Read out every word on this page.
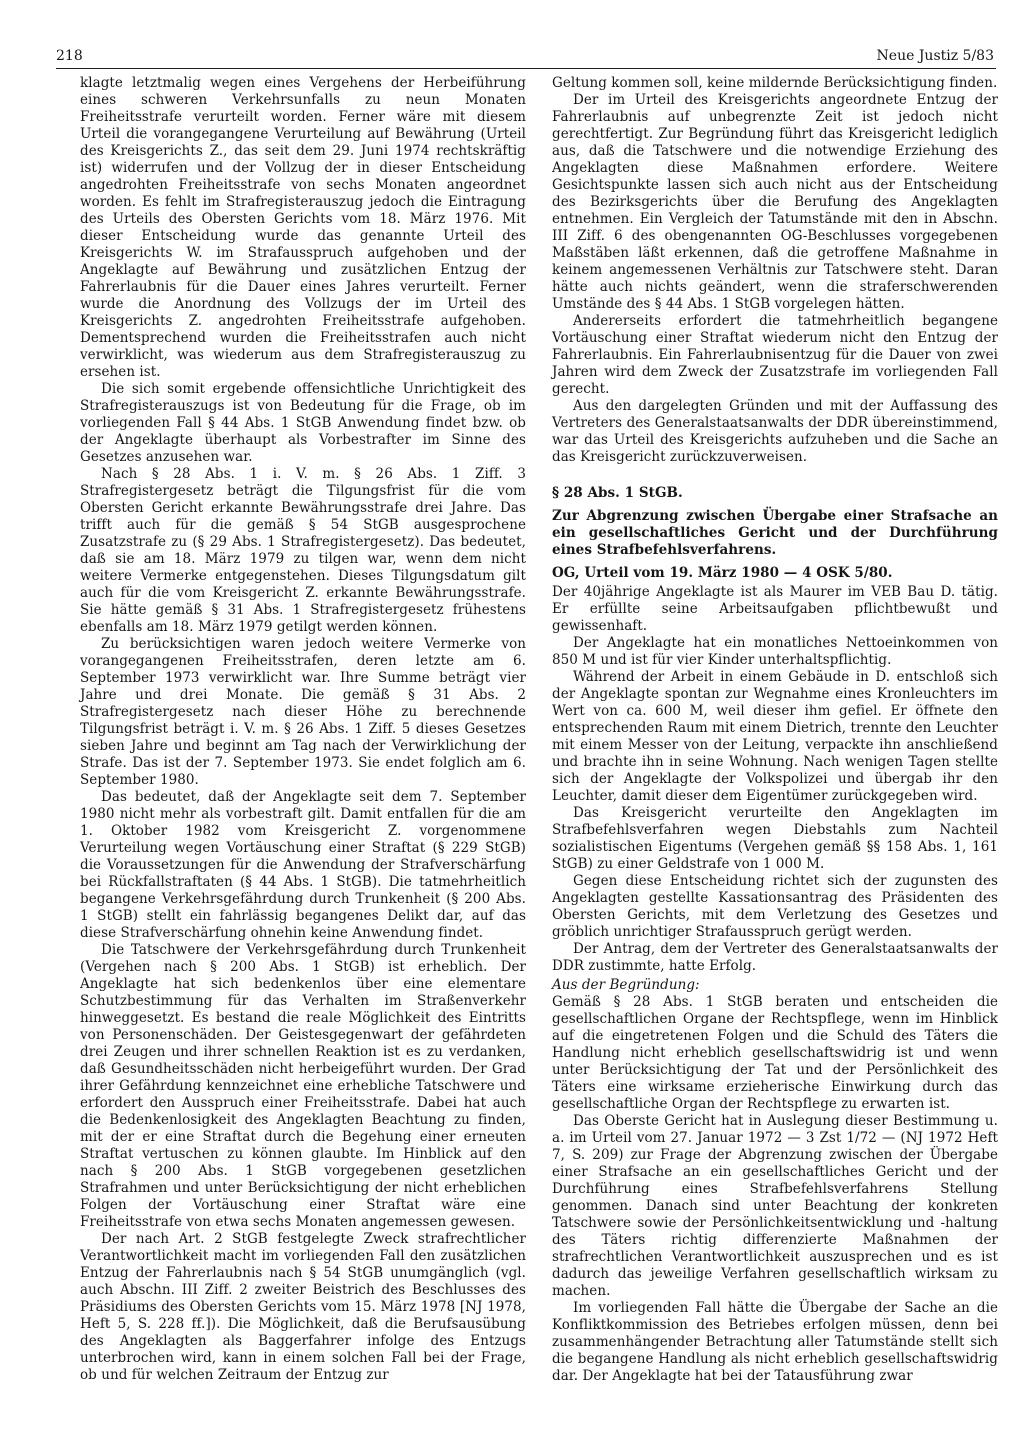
218	Neue Justiz 5/83

klagte letztmalig wegen eines Vergehens der Herbeiführung eines schweren Verkehrsunfalls zu neun Monaten Freiheitsstrafe verurteilt worden. Ferner wäre mit diesem Urteil die vorangegangene Verurteilung auf Bewährung (Urteil des Kreisgerichts Z., das seit dem 29. Juni 1974 rechtskräftig ist) widerrufen und der Vollzug der in dieser Entscheidung angedrohten Freiheitsstrafe von sechs Monaten angeordnet worden. Es fehlt im Strafregisterauszug jedoch die Eintragung des Urteils des Obersten Gerichts vom 18. März 1976. Mit dieser Entscheidung wurde das genannte Urteil des Kreisgerichts W. im Strafausspruch aufgehoben und der Angeklagte auf Bewährung und zusätzlichen Entzug der Fahrerlaubnis für die Dauer eines Jahres verurteilt. Ferner wurde die Anordnung des Vollzugs der im Urteil des Kreisgerichts Z. angedrohten Freiheitsstrafe aufgehoben. Dementsprechend wurden die Freiheitsstrafen auch nicht verwirklicht, was wiederum aus dem Strafregisterauszug zu ersehen ist.

Die sich somit ergebende offensichtliche Unrichtigkeit des Strafregisterauszugs ist von Bedeutung für die Frage, ob im vorliegenden Fall § 44 Abs. 1 StGB Anwendung findet bzw. ob der Angeklagte überhaupt als Vorbestrafter im Sinne des Gesetzes anzusehen war.

Nach § 28 Abs. 1 i. V. m. § 26 Abs. 1 Ziff. 3 Strafregistergesetz beträgt die Tilgungsfrist für die vom Obersten Gericht erkannte Bewährungsstrafe drei Jahre. Das trifft auch für die gemäß § 54 StGB ausgesprochene Zusatzstrafe zu (§ 29 Abs. 1 Strafregistergesetz). Das bedeutet, daß sie am 18. März 1979 zu tilgen war, wenn dem nicht weitere Vermerke entgegenstehen. Dieses Tilgungsdatum gilt auch für die vom Kreisgericht Z. erkannte Bewährungsstrafe. Sie hätte gemäß § 31 Abs. 1 Strafregistergesetz frühestens ebenfalls am 18. März 1979 getilgt werden können.

Zu berücksichtigen waren jedoch weitere Vermerke von vorangegangenen Freiheitsstrafen, deren letzte am 6. September 1973 verwirklicht war. Ihre Summe beträgt vier Jahre und drei Monate. Die gemäß § 31 Abs. 2 Strafregistergesetz nach dieser Höhe zu berechnende Tilgungsfrist beträgt i. V. m. § 26 Abs. 1 Ziff. 5 dieses Gesetzes sieben Jahre und beginnt am Tag nach der Verwirklichung der Strafe. Das ist der 7. September 1973. Sie endet folglich am 6. September 1980.

Das bedeutet, daß der Angeklagte seit dem 7. September 1980 nicht mehr als vorbestraft gilt. Damit entfallen für die am 1. Oktober 1982 vom Kreisgericht Z. vorgenommene Verurteilung wegen Vortäuschung einer Straftat (§ 229 StGB) die Voraussetzungen für die Anwendung der Strafverschärfung bei Rückfallstraftaten (§ 44 Abs. 1 StGB). Die tatmehrheitlich begangene Verkehrsgefährdung durch Trunkenheit (§ 200 Abs. 1 StGB) stellt ein fahrlässig begangenes Delikt dar, auf das diese Strafverschärfung ohnehin keine Anwendung findet.

Die Tatschwere der Verkehrsgefährdung durch Trunkenheit (Vergehen nach § 200 Abs. 1 StGB) ist erheblich. Der Angeklagte hat sich bedenkenlos über eine elementare Schutzbestimmung für das Verhalten im Straßenverkehr hinweggesetzt. Es bestand die reale Möglichkeit des Eintritts von Personenschäden. Der Geistesgegenwart der gefährdeten drei Zeugen und ihrer schnellen Reaktion ist es zu verdanken, daß Gesundheitsschäden nicht herbeigeführt wurden. Der Grad ihrer Gefährdung kennzeichnet eine erhebliche Tatschwere und erfordert den Ausspruch einer Freiheitsstrafe. Dabei hat auch die Bedenkenlosigkeit des Angeklagten Beachtung zu finden, mit der er eine Straftat durch die Begehung einer erneuten Straftat vertuschen zu können glaubte. Im Hinblick auf den nach § 200 Abs. 1 StGB vorgegebenen gesetzlichen Strafrahmen und unter Berücksichtigung der nicht erheblichen Folgen der Vortäuschung einer Straftat wäre eine Freiheitsstrafe von etwa sechs Monaten angemessen gewesen.

Der nach Art. 2 StGB festgelegte Zweck strafrechtlicher Verantwortlichkeit macht im vorliegenden Fall den zusätzlichen Entzug der Fahrerlaubnis nach § 54 StGB unumgänglich (vgl. auch Abschn. III Ziff. 2 zweiter Beistrich des Beschlusses des Präsidiums des Obersten Gerichts vom 15. März 1978 [NJ 1978, Heft 5, S. 228 ff.]). Die Möglichkeit, daß die Berufsausübung des Angeklagten als Baggerfahrer infolge des Entzugs unterbrochen wird, kann in einem solchen Fall bei der Frage, ob und für welchen Zeitraum der Entzug zur

Geltung kommen soll, keine mildernde Berücksichtigung finden.

Der im Urteil des Kreisgerichts angeordnete Entzug der Fahrerlaubnis auf unbegrenzte Zeit ist jedoch nicht gerechtfertigt. Zur Begründung führt das Kreisgericht lediglich aus, daß die Tatschwere und die notwendige Erziehung des Angeklagten diese Maßnahmen erfordere. Weitere Gesichtspunkte lassen sich auch nicht aus der Entscheidung des Bezirksgerichts über die Berufung des Angeklagten entnehmen. Ein Vergleich der Tatumstände mit den in Abschn. III Ziff. 6 des obengenannten OG-Beschlusses vorgegebenen Maßstäben läßt erkennen, daß die getroffene Maßnahme in keinem angemessenen Verhältnis zur Tatschwere steht. Daran hätte auch nichts geändert, wenn die straferschwerenden Umstände des § 44 Abs. 1 StGB vorgelegen hätten.

Andererseits erfordert die tatmehrheitlich begangene Vortäuschung einer Straftat wiederum nicht den Entzug der Fahrerlaubnis. Ein Fahrerlaubnisentzug für die Dauer von zwei Jahren wird dem Zweck der Zusatzstrafe im vorliegenden Fall gerecht.

Aus den dargelegten Gründen und mit der Auffassung des Vertreters des Generalstaatsanwalts der DDR übereinstimmend, war das Urteil des Kreisgerichts aufzuheben und die Sache an das Kreisgericht zurückzuverweisen.

§ 28 Abs. 1 StGB.

Zur Abgrenzung zwischen Übergabe einer Strafsache an ein gesellschaftliches Gericht und der Durchführung eines Strafbefehlsverfahrens.

OG, Urteil vom 19. März 1980 — 4 OSK 5/80.

Der 40jährige Angeklagte ist als Maurer im VEB Bau D. tätig. Er erfüllte seine Arbeitsaufgaben pflichtbewußt und gewissenhaft.

Der Angeklagte hat ein monatliches Nettoeinkommen von 850 M und ist für vier Kinder unterhaltspflichtig.

Während der Arbeit in einem Gebäude in D. entschloß sich der Angeklagte spontan zur Wegnahme eines Kronleuchters im Wert von ca. 600 M, weil dieser ihm gefiel. Er öffnete den entsprechenden Raum mit einem Dietrich, trennte den Leuchter mit einem Messer von der Leitung, verpackte ihn anschließend und brachte ihn in seine Wohnung. Nach wenigen Tagen stellte sich der Angeklagte der Volkspolizei und übergab ihr den Leuchter, damit dieser dem Eigentümer zurückgegeben wird.

Das Kreisgericht verurteilte den Angeklagten im Strafbefehlsverfahren wegen Diebstahls zum Nachteil sozialistischen Eigentums (Vergehen gemäß §§ 158 Abs. 1, 161 StGB) zu einer Geldstrafe von 1 000 M.

Gegen diese Entscheidung richtet sich der zugunsten des Angeklagten gestellte Kassationsantrag des Präsidenten des Obersten Gerichts, mit dem Verletzung des Gesetzes und gröblich unrichtiger Strafausspruch gerügt werden.

Der Antrag, dem der Vertreter des Generalstaatsanwalts der DDR zustimmte, hatte Erfolg.

Aus der Begründung:

Gemäß § 28 Abs. 1 StGB beraten und entscheiden die gesellschaftlichen Organe der Rechtspflege, wenn im Hinblick auf die eingetretenen Folgen und die Schuld des Täters die Handlung nicht erheblich gesellschaftswidrig ist und wenn unter Berücksichtigung der Tat und der Persönlichkeit des Täters eine wirksame erzieherische Einwirkung durch das gesellschaftliche Organ der Rechtspflege zu erwarten ist.

Das Oberste Gericht hat in Auslegung dieser Bestimmung u. a. im Urteil vom 27. Januar 1972 — 3 Zst 1/72 — (NJ 1972 Heft 7, S. 209) zur Frage der Abgrenzung zwischen der Übergabe einer Strafsache an ein gesellschaftliches Gericht und der Durchführung eines Strafbefehlsverfahrens Stellung genommen. Danach sind unter Beachtung der konkreten Tatschwere sowie der Persönlichkeitsentwicklung und -haltung des Täters richtig differenzierte Maßnahmen der strafrechtlichen Verantwortlichkeit auszusprechen und es ist dadurch das jeweilige Verfahren gesellschaftlich wirksam zu machen.

Im vorliegenden Fall hätte die Übergabe der Sache an die Konfliktkommission des Betriebes erfolgen müssen, denn bei zusammenhängender Betrachtung aller Tatumstände stellt sich die begangene Handlung als nicht erheblich gesellschaftswidrig dar. Der Angeklagte hat bei der Tatausführung zwar
